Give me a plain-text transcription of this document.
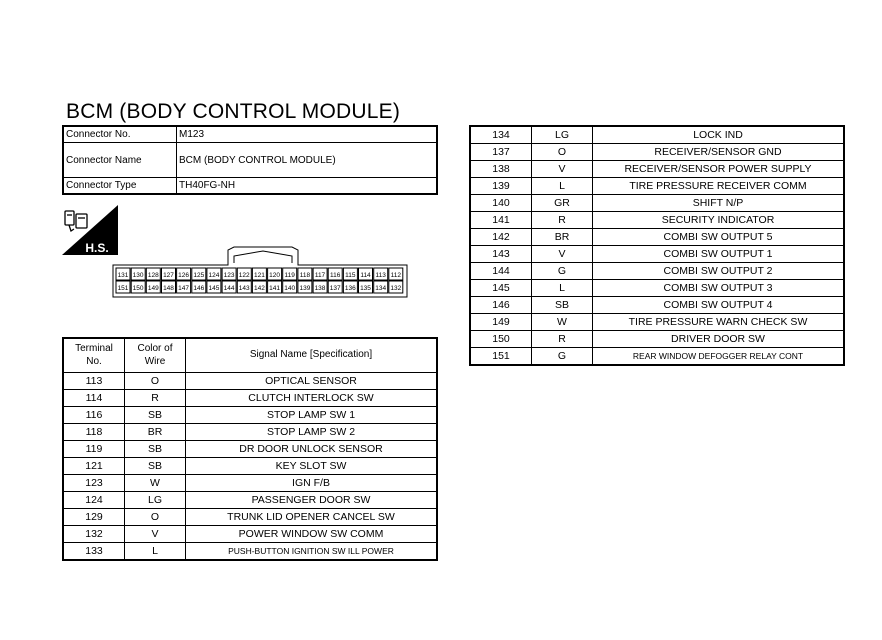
BCM (BODY CONTROL MODULE)
Connector No.	M123
Connector Name	BCM (BODY CONTROL MODULE)
Connector Type	TH40FG-NH
H.S.
131 130 128 127 126 125 124 123 122 121 120 119 118 117 116 115 114 113 112
151 150 149 148 147 146 145 144 143 142 141 140 139 138 137 136 135 134 132
Terminal No.	Color of Wire	Signal Name [Specification]
113	O	OPTICAL SENSOR
114	R	CLUTCH INTERLOCK SW
116	SB	STOP LAMP SW 1
118	BR	STOP LAMP SW 2
119	SB	DR DOOR UNLOCK SENSOR
121	SB	KEY SLOT SW
123	W	IGN F/B
124	LG	PASSENGER DOOR SW
129	O	TRUNK LID OPENER CANCEL SW
132	V	POWER WINDOW SW COMM
133	L	PUSH-BUTTON IGNITION SW ILL POWER
134	LG	LOCK IND
137	O	RECEIVER/SENSOR GND
138	V	RECEIVER/SENSOR POWER SUPPLY
139	L	TIRE PRESSURE RECEIVER COMM
140	GR	SHIFT N/P
141	R	SECURITY INDICATOR
142	BR	COMBI SW OUTPUT 5
143	V	COMBI SW OUTPUT 1
144	G	COMBI SW OUTPUT 2
145	L	COMBI SW OUTPUT 3
146	SB	COMBI SW OUTPUT 4
149	W	TIRE PRESSURE WARN CHECK SW
150	R	DRIVER DOOR SW
151	G	REAR WINDOW DEFOGGER RELAY CONT
